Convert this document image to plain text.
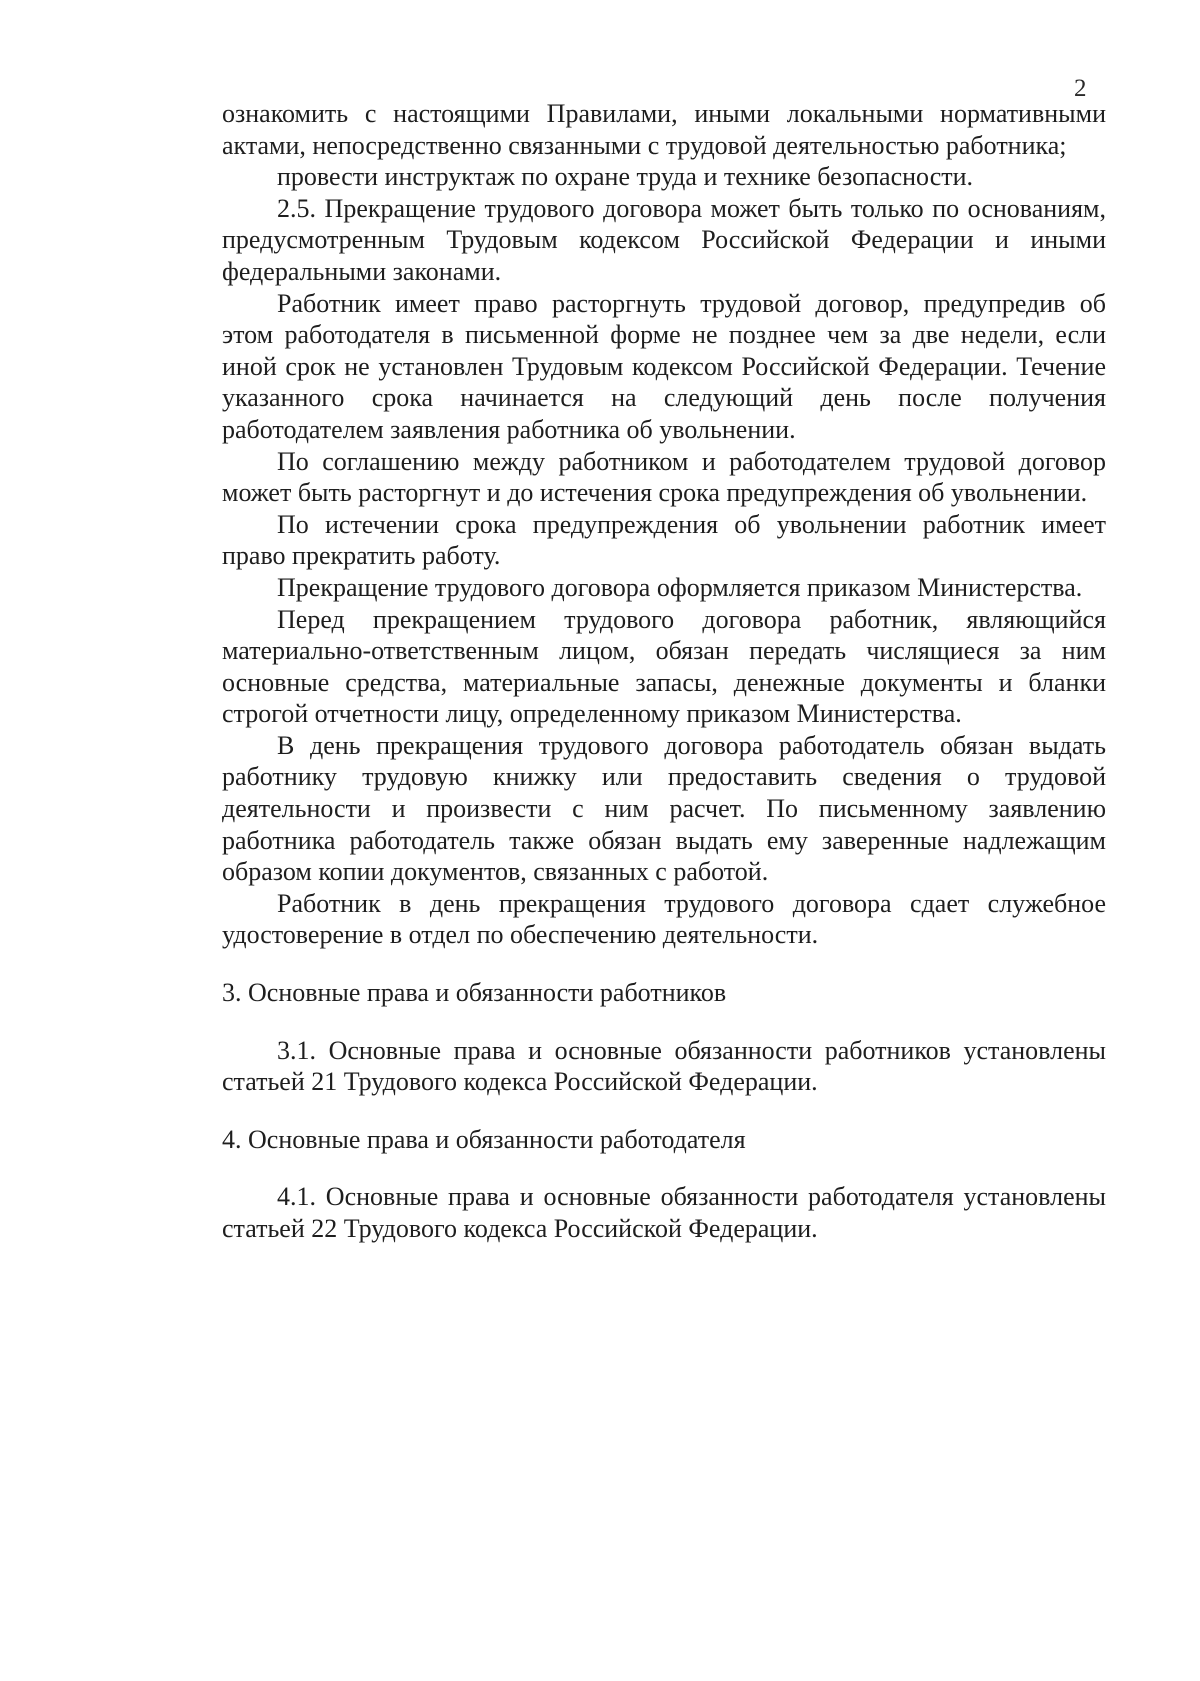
2

ознакомить с настоящими Правилами, иными локальными нормативными актами, непосредственно связанными с трудовой деятельностью работника;

провести инструктаж по охране труда и технике безопасности.

2.5. Прекращение трудового договора может быть только по основаниям, предусмотренным Трудовым кодексом Российской Федерации и иными федеральными законами.

Работник имеет право расторгнуть трудовой договор, предупредив об этом работодателя в письменной форме не позднее чем за две недели, если иной срок не установлен Трудовым кодексом Российской Федерации. Течение указанного срока начинается на следующий день после получения работодателем заявления работника об увольнении.

По соглашению между работником и работодателем трудовой договор может быть расторгнут и до истечения срока предупреждения об увольнении.

По истечении срока предупреждения об увольнении работник имеет право прекратить работу.

Прекращение трудового договора оформляется приказом Министерства.

Перед прекращением трудового договора работник, являющийся материально-ответственным лицом, обязан передать числящиеся за ним основные средства, материальные запасы, денежные документы и бланки строгой отчетности лицу, определенному приказом Министерства.

В день прекращения трудового договора работодатель обязан выдать работнику трудовую книжку или предоставить сведения о трудовой деятельности и произвести с ним расчет. По письменному заявлению работника работодатель также обязан выдать ему заверенные надлежащим образом копии документов, связанных с работой.

Работник в день прекращения трудового договора сдает служебное удостоверение в отдел по обеспечению деятельности.

3. Основные права и обязанности работников

3.1. Основные права и основные обязанности работников установлены статьей 21 Трудового кодекса Российской Федерации.

4. Основные права и обязанности работодателя

4.1. Основные права и основные обязанности работодателя установлены статьей 22 Трудового кодекса Российской Федерации.
